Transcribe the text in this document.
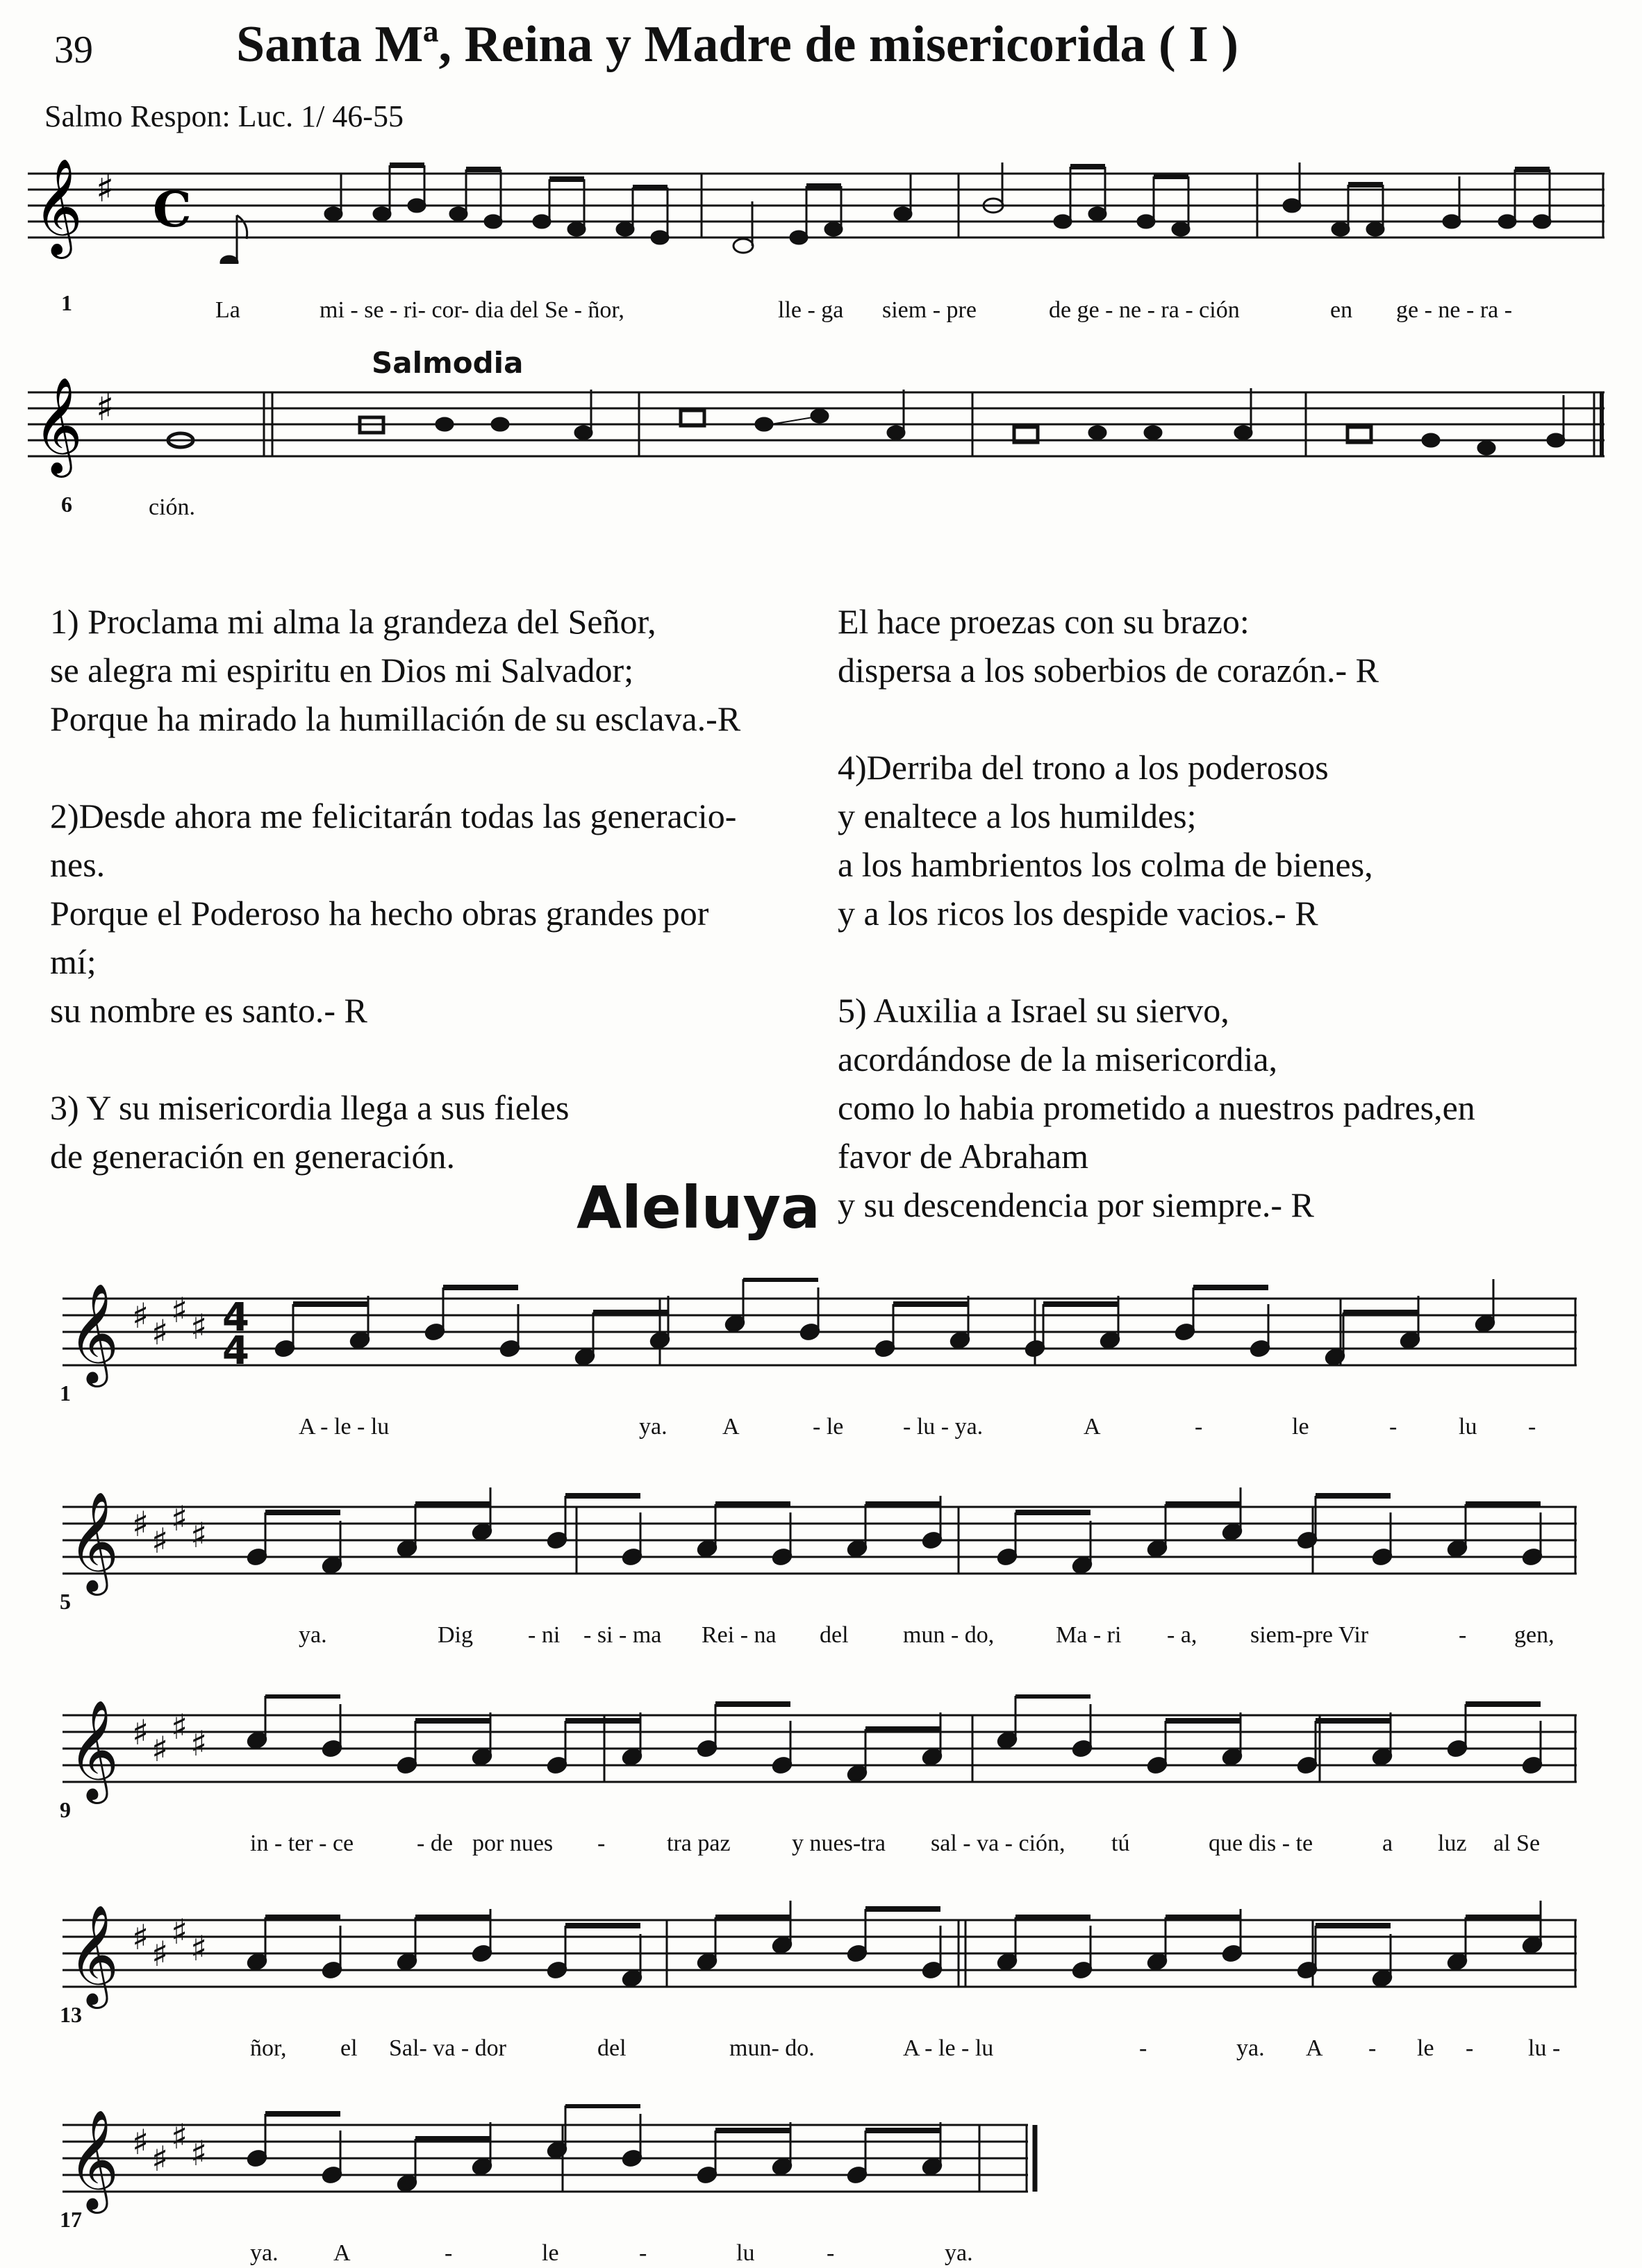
39	Santa Mª, Reina y Madre de misericorida ( I )
Salmo Respon: Luc. 1/ 46-55
𝄞 ♯ C
1	La	mi - se - ri- cor- dia del Se - ñor,	lle - ga siem - pre	de ge - ne - ra - ción	en ge - ne - ra -
Salmodia
𝄞 ♯
6	ción.
1) Proclama mi alma la grandeza del Señor,
se alegra mi espiritu en Dios mi Salvador;
Porque ha mirado la humillación de su esclava.-R
2)Desde ahora me felicitarán todas las generacio-
nes.
Porque el Poderoso ha hecho obras grandes por
mí;
su nombre es santo.- R
3) Y su misericordia llega a sus fieles
de generación en generación.
El hace proezas con su brazo:
dispersa a los soberbios de corazón.- R
4)Derriba del trono a los poderosos
y enaltece a los humildes;
a los hambrientos los colma de bienes,
y a los ricos los despide vacios.- R
5) Auxilia a Israel su siervo,
acordándose de la misericordia,
como lo habia prometido a nuestros padres,en
favor de Abraham
y su descendencia por siempre.- R
Aleluya
𝄞 ♯ ♯
♯ ♯ 4
4
1
A - le - lu	ya. A	- le	- lu - ya.	A	-	le	-	lu -
𝄞 ♯ ♯
♯ ♯
5
ya.	Dig - ni - si - ma Rei - na del mun - do,	Ma - ri - a, siem-pre Vir	- gen,
𝄞 ♯ ♯
♯ ♯
9
in - ter - ce	- de por nues -	tra paz	y nues-tra sal - va - ción, tú	que dis - te	a luz al Se
𝄞 ♯ ♯
♯ ♯
13
ñor, el Sal- va - dor	del	mun- do.	A - le - lu	-	ya. A - le - lu -
𝄞 ♯ ♯
♯ ♯
17
ya. A	-	le	-	lu	-	ya.
